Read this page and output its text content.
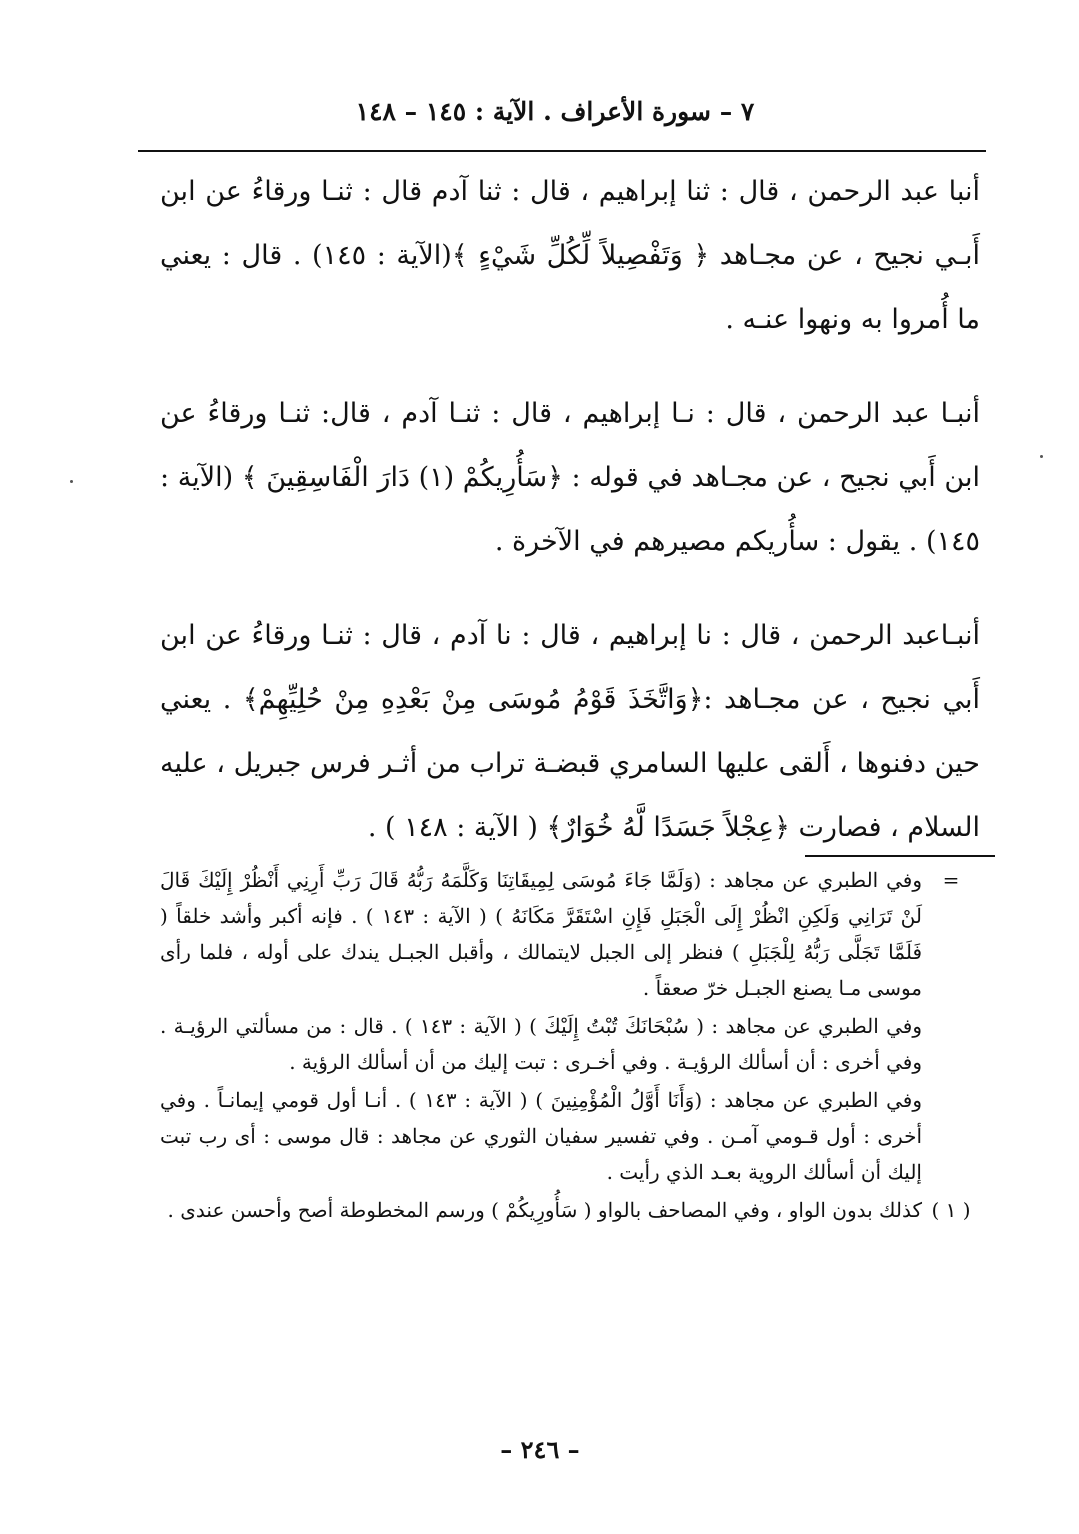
٧ – سورة الأعراف . الآية : ١٤٥ – ١٤٨

أنبا عبد الرحمن ، قال : ثنا إبراهيم ، قال : ثنا آدم قال : ثنـا ورقاءُ عن ابن أَبـي نجيح ، عن مجـاهد ﴿ وَتَفْصِيلاً لِّكُلِّ شَيْءٍ ﴾(الآية : ١٤٥) . قال : يعني ما أُمروا به ونهوا عنـه .

أنبـا عبد الرحمن ، قال : نـا إبراهيم ، قال : ثنـا آدم ، قال: ثنـا ورقاءُ عن ابن أَبي نجيح ، عن مجـاهد في قوله : ﴿سَأُرِيكُمْ (١) دَارَ الْفَاسِقِينَ ﴾ (الآية : ١٤٥) . يقول : سأُريكم مصيرهم في الآخرة .

أنبـاعبد الرحمن ، قال : نا إبراهيم ، قال : نا آدم ، قال : ثنـا ورقاءُ عن ابن أَبي نجيح ، عن مجـاهد :﴿وَاتَّخَذَ قَوْمُ مُوسَى مِنْ بَعْدِهِ مِنْ حُلِيِّهِمْ﴾ . يعني حين دفنوها ، أَلقى عليها السامري قبضـة تراب من أثـر فرس جبريل ، عليه السلام ، فصارت ﴿عِجْلاً جَسَدًا لَّهُ خُوَارٌ﴾ ( الآية : ١٤٨ ) .

=
وفي الطبري عن مجاهد : (وَلَمَّا جَاءَ مُوسَى لِمِيقَاتِنَا وَكَلَّمَهُ رَبُّهُ قَالَ رَبِّ أَرِنِي أَنْظُرْ إِلَيْكَ قَالَ لَنْ تَرَانِي وَلَكِنِ انْظُرْ إِلَى الْجَبَلِ فَإِنِ اسْتَقَرَّ مَكَانَهُ ) ( الآية : ١٤٣ ) . فإنه أكبر وأشد خلقاً ( فَلَمَّا تَجَلَّى رَبُّهُ لِلْجَبَلِ ) فنظر إلى الجبل لايتمالك ، وأقبل الجبـل يندك على أوله ، فلما رأى موسى مـا يصنع الجبـل خرّ صعقاً .
وفي الطبري عن مجاهد : ( سُبْحَانَكَ تُبْتُ إِلَيْكَ ) ( الآية : ١٤٣ ) . قال : من مسألتي الرؤيـة . وفي أخرى : أن أسألك الرؤيـة . وفي أخـرى : تبت إليك من أن أسألك الرؤية .
وفي الطبري عن مجاهد : (وَأَنَا أَوَّلُ الْمُؤْمِنِينَ ) ( الآية : ١٤٣ ) . أنـا أول قومي إيمانـاً . وفي أخرى : أول قـومي آمـن . وفي تفسير سفيان الثوري عن مجاهد : قال موسى : أى رب تبت إليك أن أسألك الروية بعـد الذي رأيت .
( ١ )
كذلك بدون الواو ، وفي المصاحف بالواو ( سَأُورِيكُمْ ) ورسم المخطوطة أصح وأحسن عندى .
– ٢٤٦ –
